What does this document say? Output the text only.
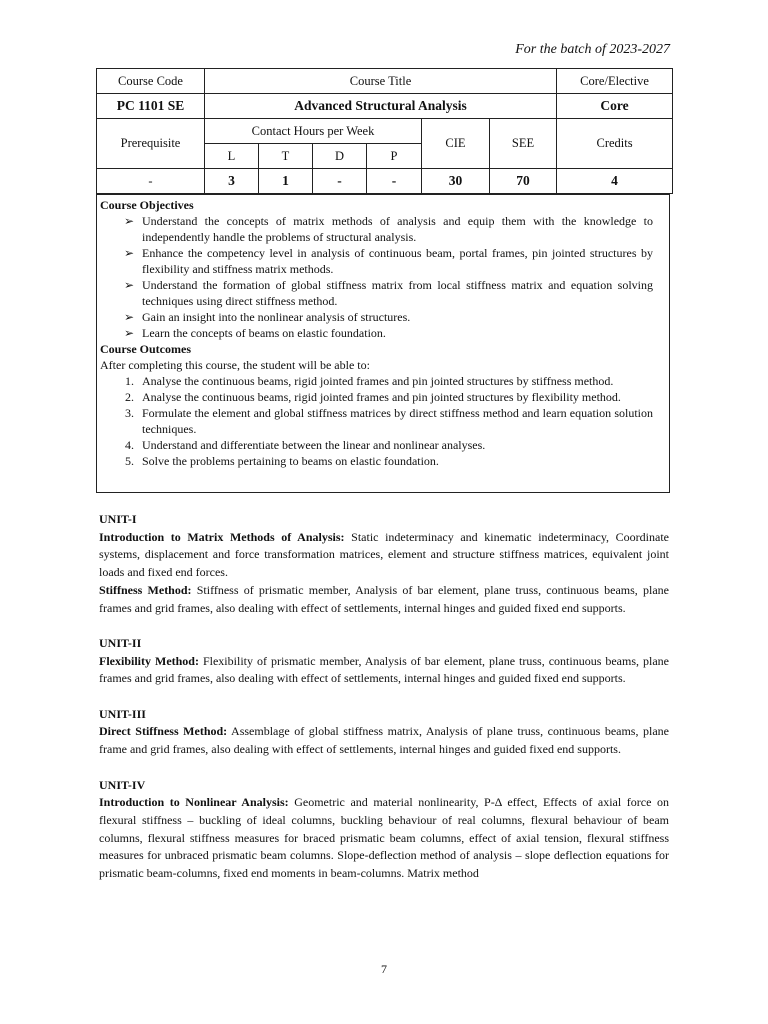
For the batch of 2023-2027
Course Code	Course Title						Core/Elective
PC 1101 SE	Advanced Structural Analysis						Core
Prerequisite	Contact Hours per Week				CIE	SEE	Credits
	L	T	D	P			
-	3	1	-	-	30	70	4
Course Objectives
➢ Understand the concepts of matrix methods of analysis and equip them with the knowledge to independently handle the problems of structural analysis.
➢ Enhance the competency level in analysis of continuous beam, portal frames, pin jointed structures by flexibility and stiffness matrix methods.
➢ Understand the formation of global stiffness matrix from local stiffness matrix and equation solving techniques using direct stiffness method.
➢ Gain an insight into the nonlinear analysis of structures.
➢ Learn the concepts of beams on elastic foundation.
Course Outcomes
After completing this course, the student will be able to:
1. Analyse the continuous beams, rigid jointed frames and pin jointed structures by stiffness method.
2. Analyse the continuous beams, rigid jointed frames and pin jointed structures by flexibility method.
3. Formulate the element and global stiffness matrices by direct stiffness method and learn equation solution techniques.
4. Understand and differentiate between the linear and nonlinear analyses.
5. Solve the problems pertaining to beams on elastic foundation.
UNIT-I

Introduction to Matrix Methods of Analysis: Static indeterminacy and kinematic indeterminacy, Coordinate systems, displacement and force transformation matrices, element and structure stiffness matrices, equivalent joint loads and fixed end forces.

Stiffness Method: Stiffness of prismatic member, Analysis of bar element, plane truss, continuous beams, plane frames and grid frames, also dealing with effect of settlements, internal hinges and guided fixed end supports.

UNIT-II

Flexibility Method: Flexibility of prismatic member, Analysis of bar element, plane truss, continuous beams, plane frames and grid frames, also dealing with effect of settlements, internal hinges and guided fixed end supports.

UNIT-III

Direct Stiffness Method: Assemblage of global stiffness matrix, Analysis of plane truss, continuous beams, plane frame and grid frames, also dealing with effect of settlements, internal hinges and guided fixed end supports.

UNIT-IV

Introduction to Nonlinear Analysis: Geometric and material nonlinearity, P-Δ effect, Effects of axial force on flexural stiffness – buckling of ideal columns, buckling behaviour of real columns, flexural behaviour of beam columns, flexural stiffness measures for braced prismatic beam columns, effect of axial tension, flexural stiffness measures for unbraced prismatic beam columns. Slope-deflection method of analysis – slope deflection equations for prismatic beam-columns, fixed end moments in beam-columns. Matrix method

7
